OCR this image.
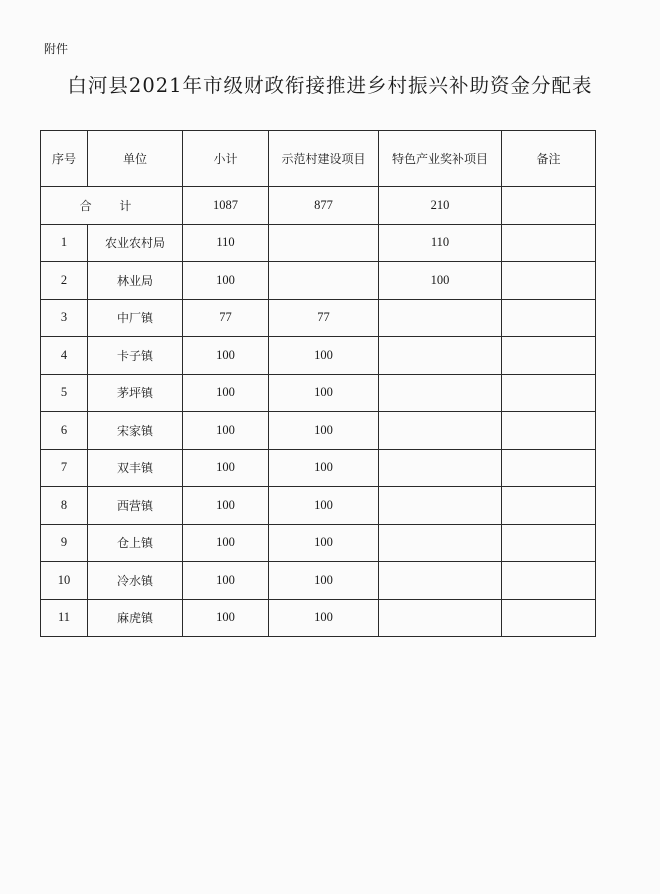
附件
白河县2021年市级财政衔接推进乡村振兴补助资金分配表
序号	单位	小计	示范村建设项目	特色产业奖补项目	备注
合 计		1087	877	210	
1	农业农村局	110		110	
2	林业局	100		100	
3	中厂镇	77	77		
4	卡子镇	100	100		
5	茅坪镇	100	100		
6	宋家镇	100	100		
7	双丰镇	100	100		
8	西营镇	100	100		
9	仓上镇	100	100		
10	冷水镇	100	100		
11	麻虎镇	100	100		
